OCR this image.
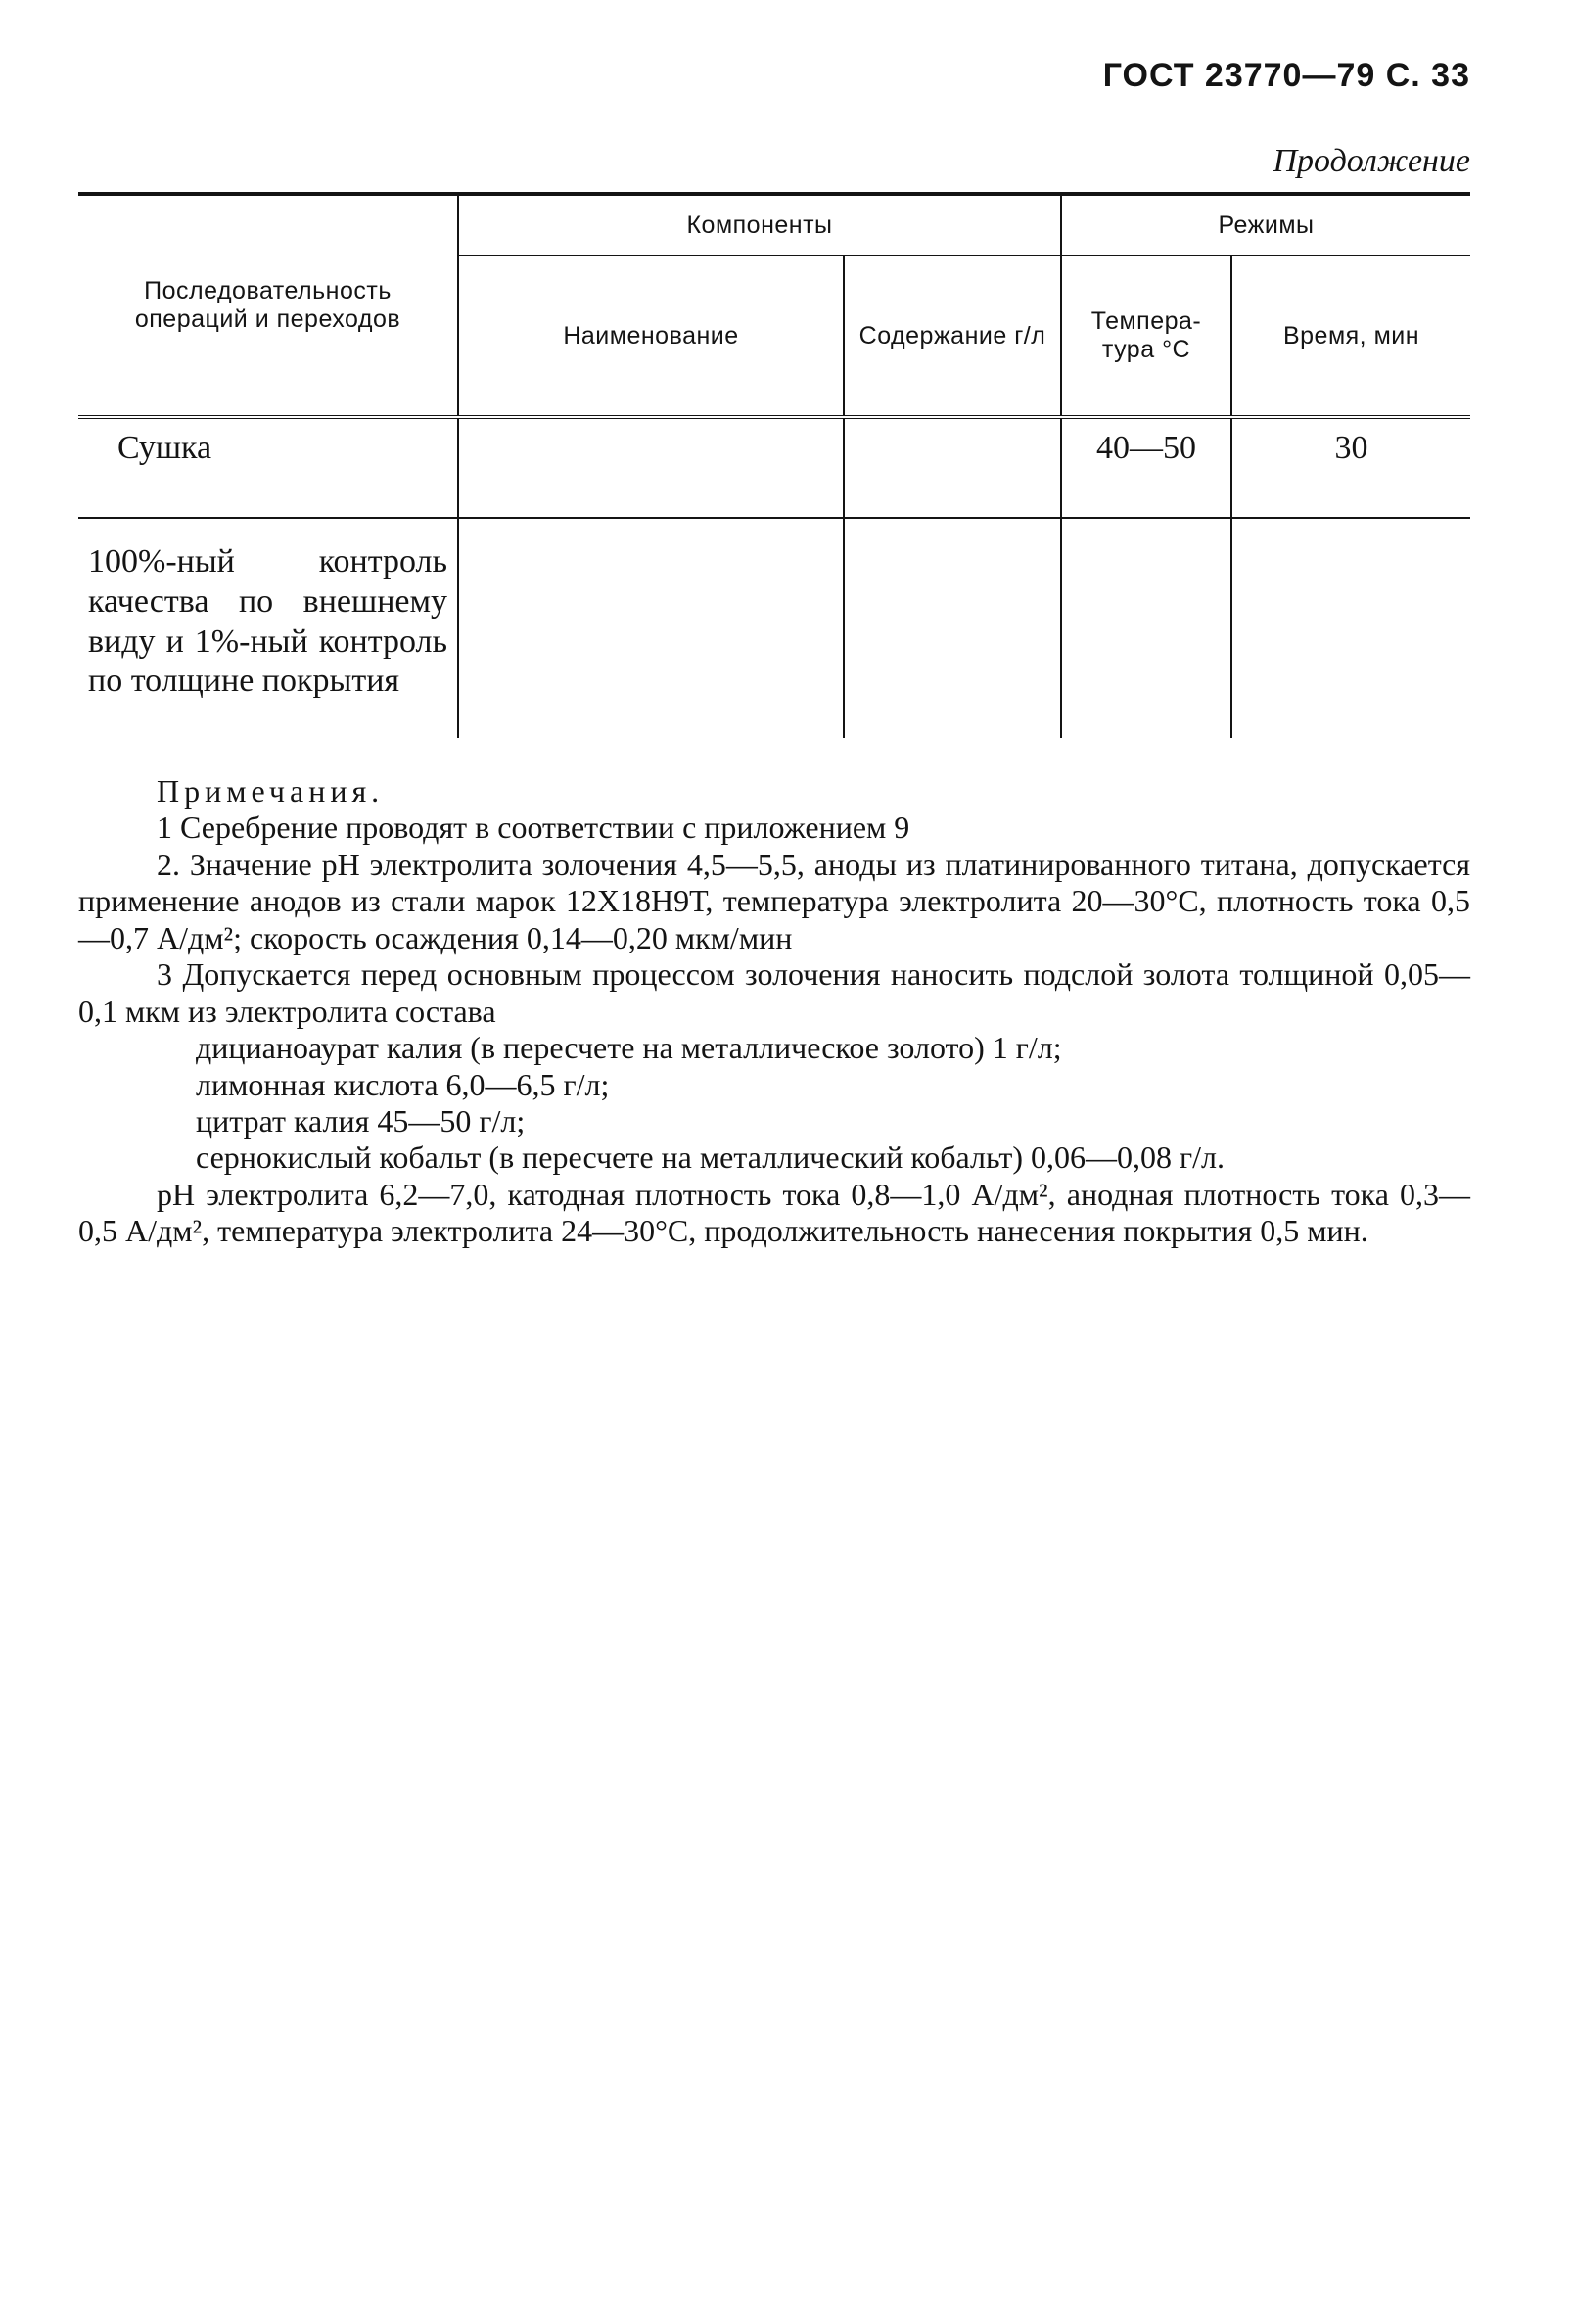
ГОСТ 23770—79 С. 33
Продолжение
Последовательность операций и переходов	Компоненты		Режимы	
	Наименование	Содержание г/л	Темпера- тура °С	Время, мин
Сушка			40—50	30
100%-ный контроль качества по внешнему виду и 1%-ный контроль по толщине покрытия				
Примечания.
1 Серебрение проводят в соответствии с приложением 9
2. Значение pH электролита золочения 4,5—5,5, аноды из платинированного титана, допускается применение анодов из стали марок 12Х18Н9Т, температура электролита 20—30°С, плотность тока 0,5—0,7 А/дм²; скорость осаждения 0,14—0,20 мкм/мин
3 Допускается перед основным процессом золочения наносить подслой золота толщиной 0,05—0,1 мкм из электролита состава
дицианоаурат калия (в пересчете на металлическое золото) 1 г/л;
лимонная кислота 6,0—6,5 г/л;
цитрат калия 45—50 г/л;
сернокислый кобальт (в пересчете на металлический кобальт) 0,06—0,08 г/л.
pH электролита 6,2—7,0, катодная плотность тока 0,8—1,0 А/дм², анодная плотность тока 0,3—0,5 А/дм², температура электролита 24—30°С, продолжительность нанесения покрытия 0,5 мин.
